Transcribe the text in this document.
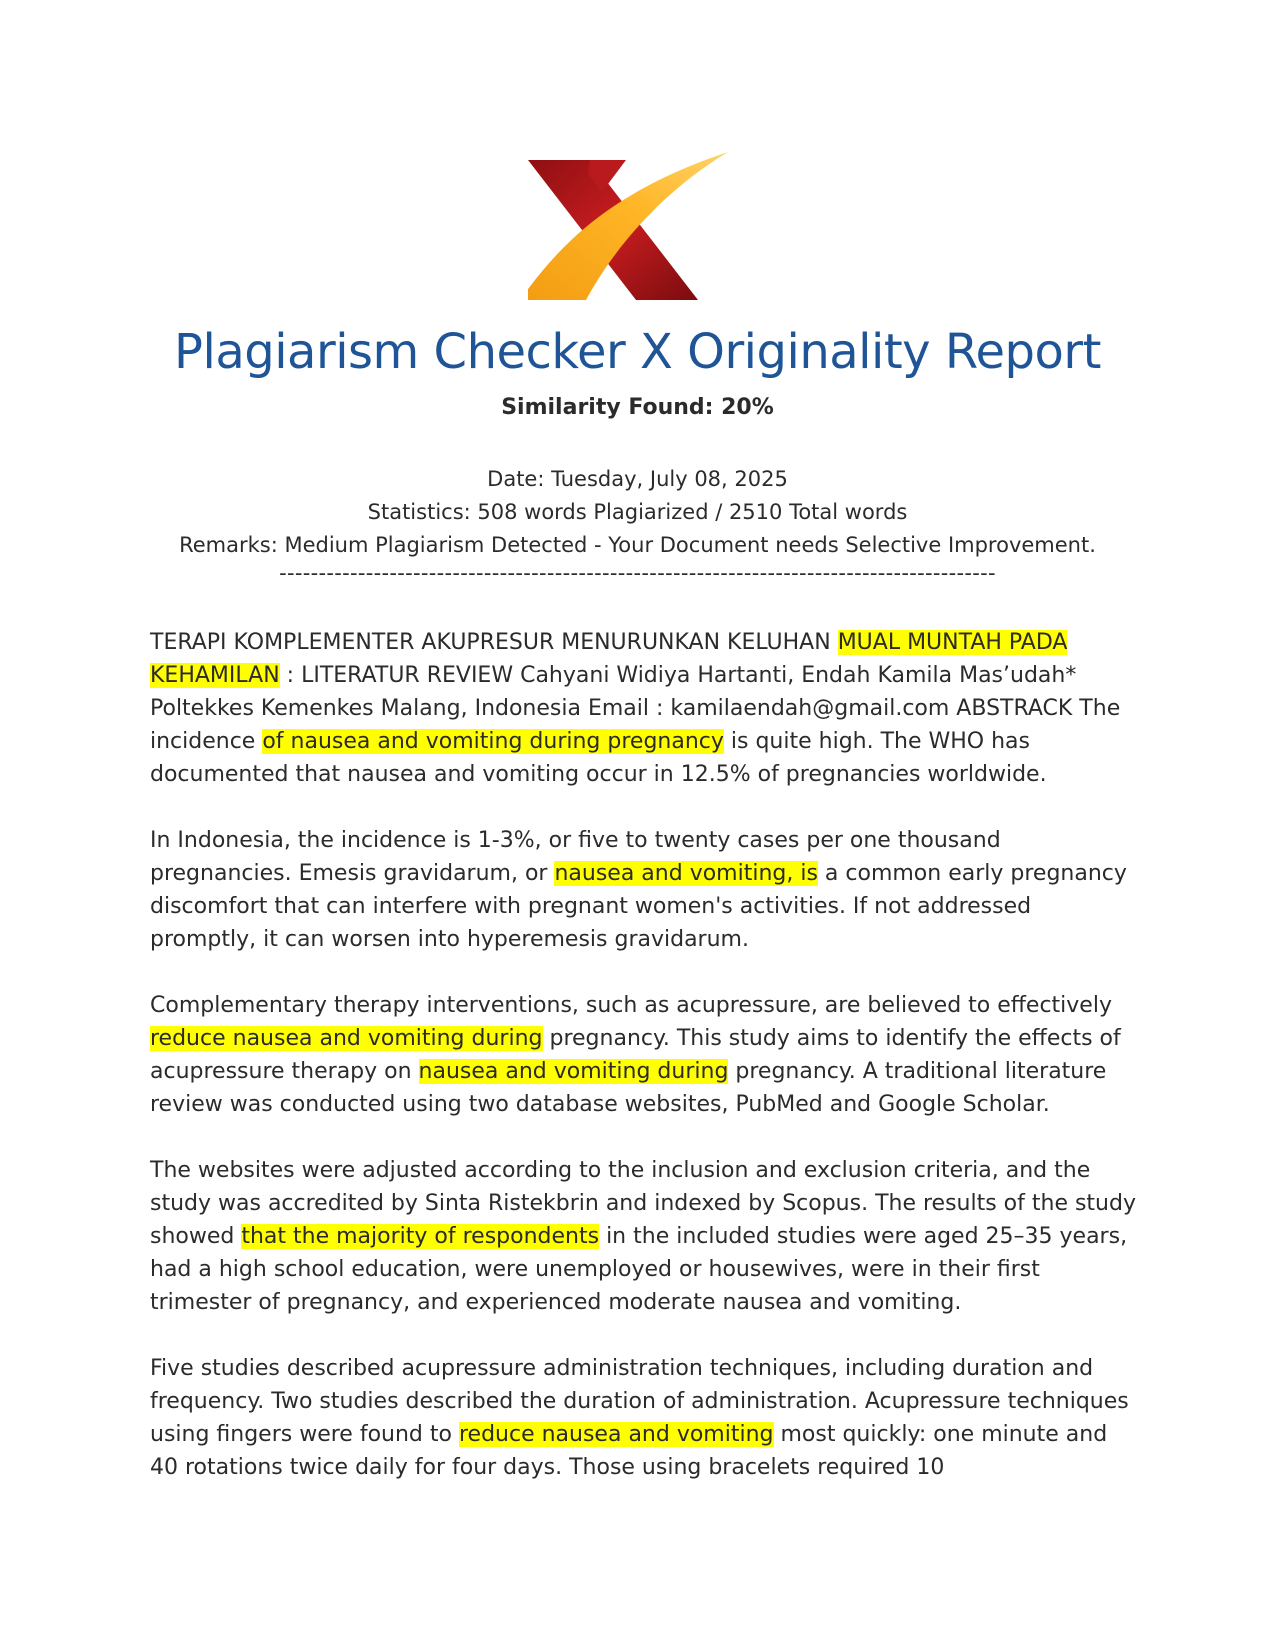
Plagiarism Checker X Originality Report
Similarity Found: 20%
Date: Tuesday, July 08, 2025
Statistics: 508 words Plagiarized / 2510 Total words
Remarks: Medium Plagiarism Detected - Your Document needs Selective Improvement.
-------------------------------------------------------------------------------------------

TERAPI KOMPLEMENTER AKUPRESUR MENURUNKAN KELUHAN MUAL MUNTAH PADA KEHAMILAN : LITERATUR REVIEW Cahyani Widiya Hartanti, Endah Kamila Mas’udah* Poltekkes Kemenkes Malang, Indonesia Email : kamilaendah@gmail.com ABSTRACK The incidence of nausea and vomiting during pregnancy is quite high. The WHO has documented that nausea and vomiting occur in 12.5% of pregnancies worldwide.

In Indonesia, the incidence is 1-3%, or five to twenty cases per one thousand pregnancies. Emesis gravidarum, or nausea and vomiting, is a common early pregnancy discomfort that can interfere with pregnant women's activities. If not addressed promptly, it can worsen into hyperemesis gravidarum.

Complementary therapy interventions, such as acupressure, are believed to effectively reduce nausea and vomiting during pregnancy. This study aims to identify the effects of acupressure therapy on nausea and vomiting during pregnancy. A traditional literature review was conducted using two database websites, PubMed and Google Scholar.

The websites were adjusted according to the inclusion and exclusion criteria, and the study was accredited by Sinta Ristekbrin and indexed by Scopus. The results of the study showed that the majority of respondents in the included studies were aged 25–35 years, had a high school education, were unemployed or housewives, were in their first trimester of pregnancy, and experienced moderate nausea and vomiting.

Five studies described acupressure administration techniques, including duration and frequency. Two studies described the duration of administration. Acupressure techniques using fingers were found to reduce nausea and vomiting most quickly: one minute and 40 rotations twice daily for four days. Those using bracelets required 10
